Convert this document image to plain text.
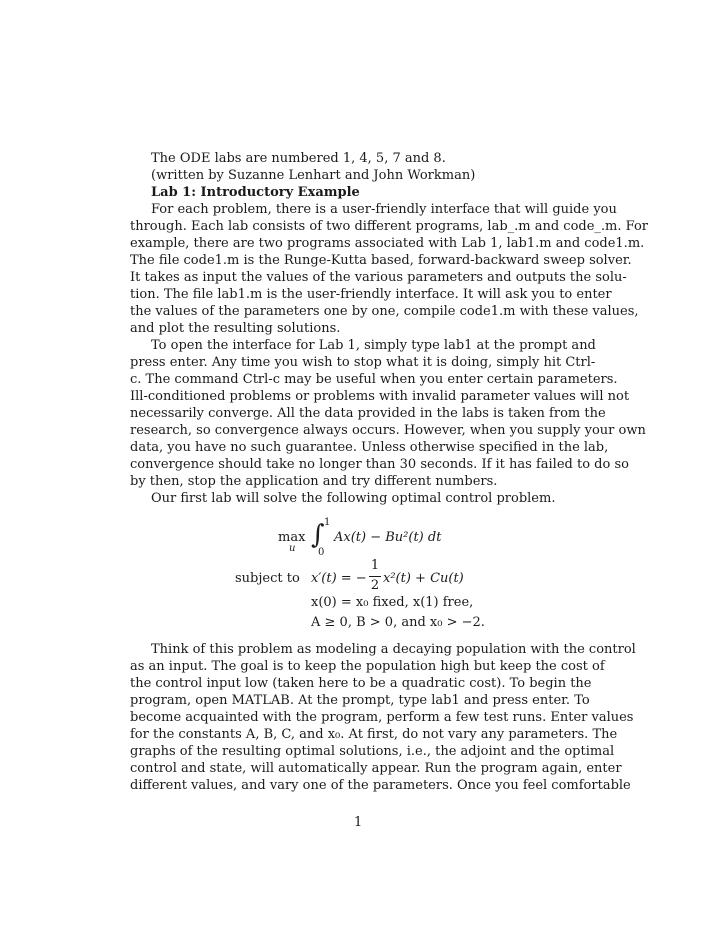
The ODE labs are numbered 1, 4, 5, 7 and 8.
(written by Suzanne Lenhart and John Workman)
Lab 1: Introductory Example
For each problem, there is a user-friendly interface that will guide you
through. Each lab consists of two different programs, lab_.m and code_.m. For
example, there are two programs associated with Lab 1, lab1.m and code1.m.
The file code1.m is the Runge-Kutta based, forward-backward sweep solver.
It takes as input the values of the various parameters and outputs the solu-
tion. The file lab1.m is the user-friendly interface. It will ask you to enter
the values of the parameters one by one, compile code1.m with these values,
and plot the resulting solutions.
To open the interface for Lab 1, simply type lab1 at the prompt and
press enter. Any time you wish to stop what it is doing, simply hit Ctrl-
c. The command Ctrl-c may be useful when you enter certain parameters.
Ill-conditioned problems or problems with invalid parameter values will not
necessarily converge. All the data provided in the labs is taken from the
research, so convergence always occurs. However, when you supply your own
data, you have no such guarantee. Unless otherwise specified in the lab,
convergence should take no longer than 30 seconds. If it has failed to do so
by then, stop the application and try different numbers.
Our first lab will solve the following optimal control problem.
max
u ∫ 1
0
Ax(t) − Bu²(t) dt
subject to x′(t) = −
1
2 x²(t) + Cu(t)
x(0) = x₀ fixed, x(1) free,
A ≥ 0, B > 0, and x₀ > −2.
Think of this problem as modeling a decaying population with the control
as an input. The goal is to keep the population high but keep the cost of
the control input low (taken here to be a quadratic cost). To begin the
program, open MATLAB. At the prompt, type lab1 and press enter. To
become acquainted with the program, perform a few test runs. Enter values
for the constants A, B, C, and x₀. At first, do not vary any parameters. The
graphs of the resulting optimal solutions, i.e., the adjoint and the optimal
control and state, will automatically appear. Run the program again, enter
different values, and vary one of the parameters. Once you feel comfortable
1
